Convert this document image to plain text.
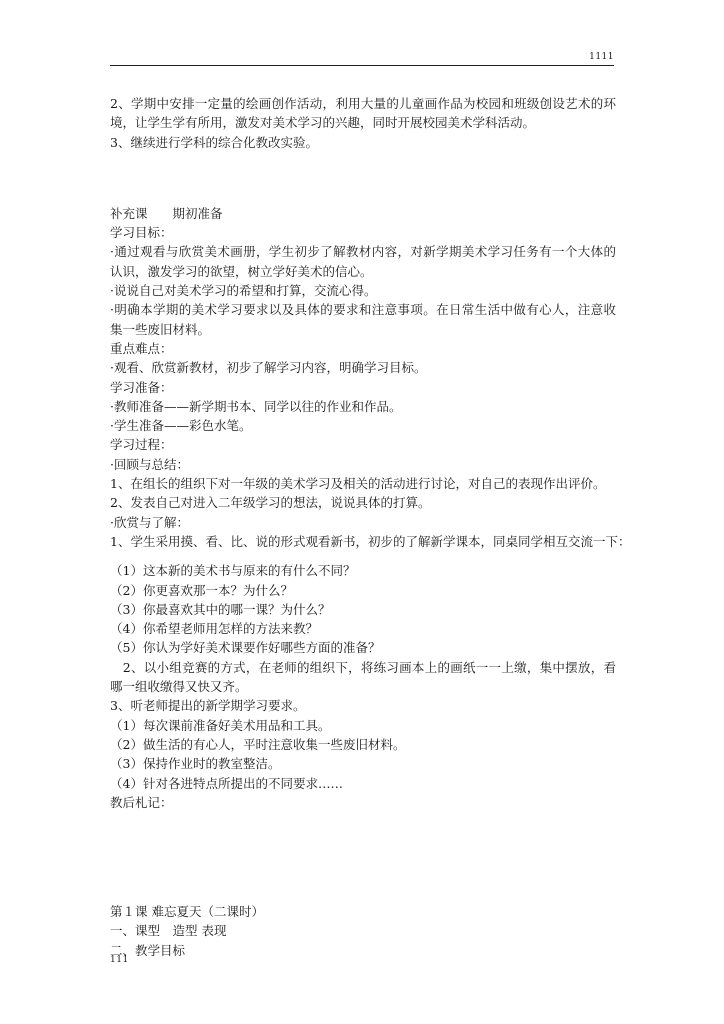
1111
2、学期中安排一定量的绘画创作活动，利用大量的儿童画作品为校园和班级创设艺术的环
境，让学生学有所用，激发对美术学习的兴趣，同时开展校园美术学科活动。
3、继续进行学科的综合化教改实验。
补充课　　期初准备
学习目标：
·通过观看与欣赏美术画册，学生初步了解教材内容，对新学期美术学习任务有一个大体的
认识，激发学习的欲望，树立学好美术的信心。
·说说自己对美术学习的希望和打算，交流心得。
·明确本学期的美术学习要求以及具体的要求和注意事项。在日常生活中做有心人，注意收
集一些废旧材料。
重点难点：
·观看、欣赏新教材，初步了解学习内容，明确学习目标。
学习准备：
·教师准备——新学期书本、同学以往的作业和作品。
·学生准备——彩色水笔。
学习过程：
·回顾与总结：
1、在组长的组织下对一年级的美术学习及相关的活动进行讨论，对自己的表现作出评价。
2、发表自己对进入二年级学习的想法，说说具体的打算。
·欣赏与了解：
1、学生采用摸、看、比、说的形式观看新书，初步的了解新学课本，同桌同学相互交流一下：
（1）这本新的美术书与原来的有什么不同？
（2）你更喜欢那一本？为什么？
（3）你最喜欢其中的哪一课？为什么？
（4）你希望老师用怎样的方法来教？
（5）你认为学好美术课要作好哪些方面的准备？
　2、以小组竞赛的方式，在老师的组织下，将练习画本上的画纸一一上缴，集中摆放，看
哪一组收缴得又快又齐。
3、听老师提出的新学期学习要求。
（1）每次课前准备好美术用品和工具。
（2）做生活的有心人，平时注意收集一些废旧材料。
（3）保持作业时的教室整洁。
（4）针对各进特点所提出的不同要求……
教后札记：
第１课 难忘夏天（二课时）
一、课型　造型 表现
二、教学目标
111
